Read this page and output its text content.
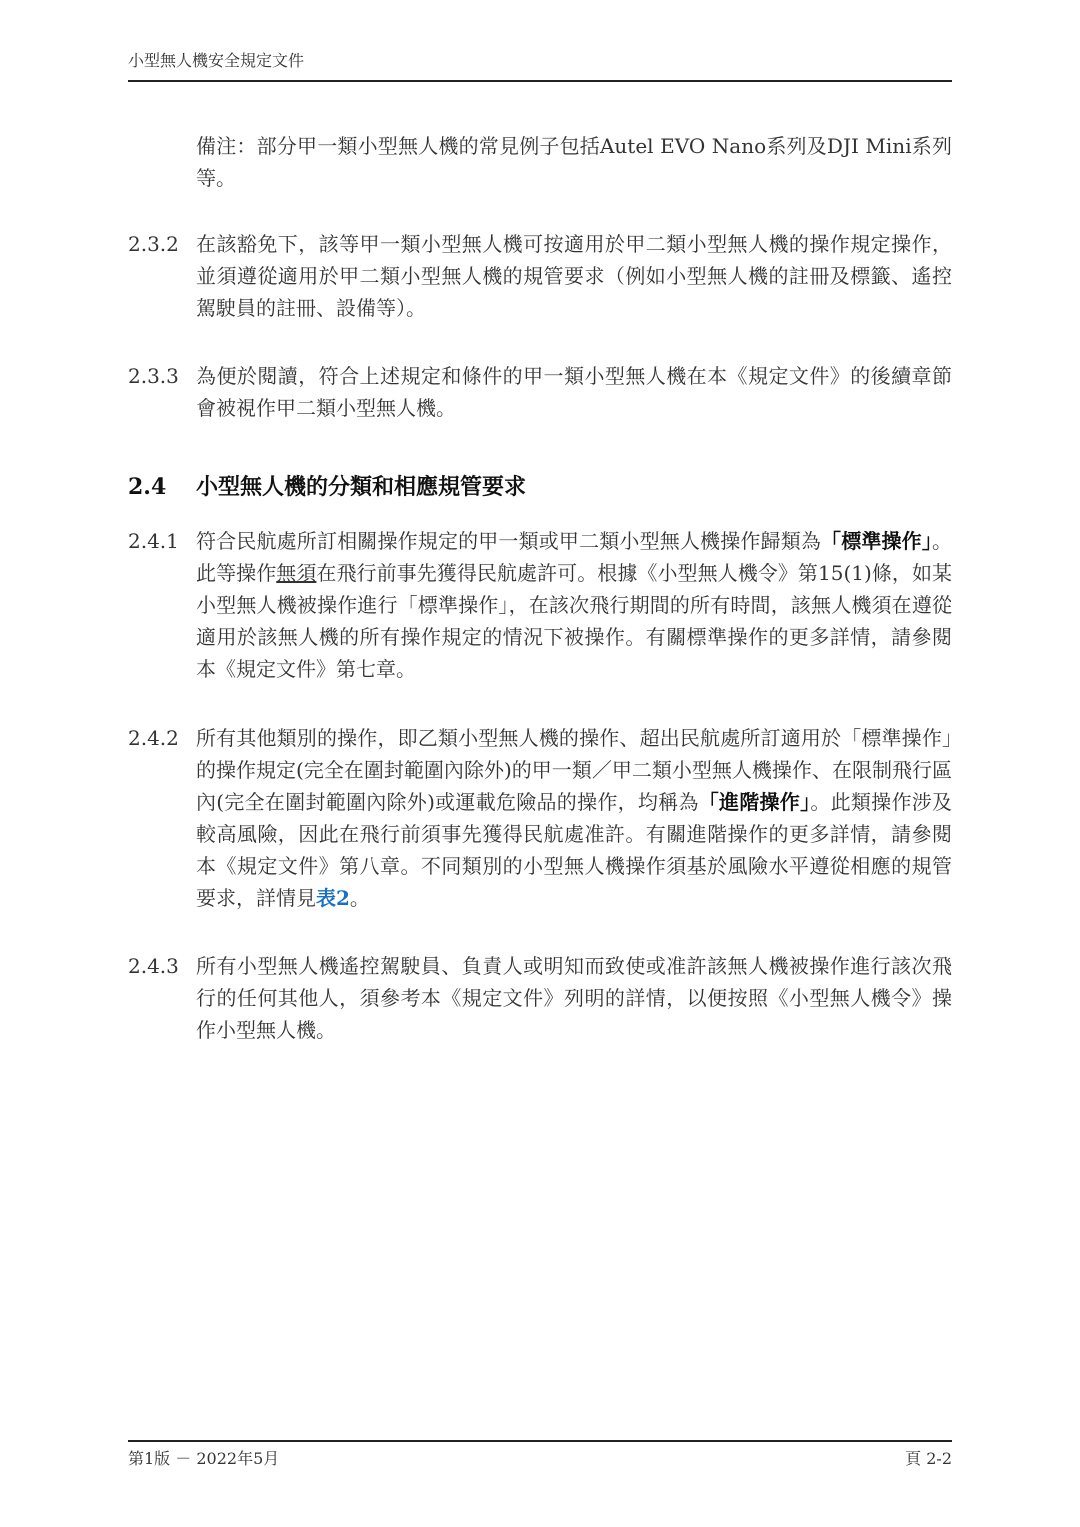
小型無人機安全規定文件
備注：部分甲一類小型無人機的常見例子包括Autel EVO Nano系列及DJI Mini系列等。
2.3.2 在該豁免下，該等甲一類小型無人機可按適用於甲二類小型無人機的操作規定操作，並須遵從適用於甲二類小型無人機的規管要求（例如小型無人機的註冊及標籤、遙控駕駛員的註冊、設備等）。
2.3.3 為便於閱讀，符合上述規定和條件的甲一類小型無人機在本《規定文件》的後續章節會被視作甲二類小型無人機。
2.4 小型無人機的分類和相應規管要求
2.4.1 符合民航處所訂相關操作規定的甲一類或甲二類小型無人機操作歸類為「標準操作」。此等操作無須在飛行前事先獲得民航處許可。根據《小型無人機令》第15(1)條，如某小型無人機被操作進行「標準操作」，在該次飛行期間的所有時間，該無人機須在遵從適用於該無人機的所有操作規定的情況下被操作。有關標準操作的更多詳情，請參閱本《規定文件》第七章。
2.4.2 所有其他類別的操作，即乙類小型無人機的操作、超出民航處所訂適用於「標準操作」的操作規定(完全在圍封範圍內除外)的甲一類／甲二類小型無人機操作、在限制飛行區內(完全在圍封範圍內除外)或運載危險品的操作，均稱為「進階操作」。此類操作涉及較高風險，因此在飛行前須事先獲得民航處准許。有關進階操作的更多詳情，請參閱本《規定文件》第八章。不同類別的小型無人機操作須基於風險水平遵從相應的規管要求，詳情見表2。
2.4.3 所有小型無人機遙控駕駛員、負責人或明知而致使或准許該無人機被操作進行該次飛行的任何其他人，須參考本《規定文件》列明的詳情，以便按照《小型無人機令》操作小型無人機。
第1版 － 2022年5月	頁 2-2
